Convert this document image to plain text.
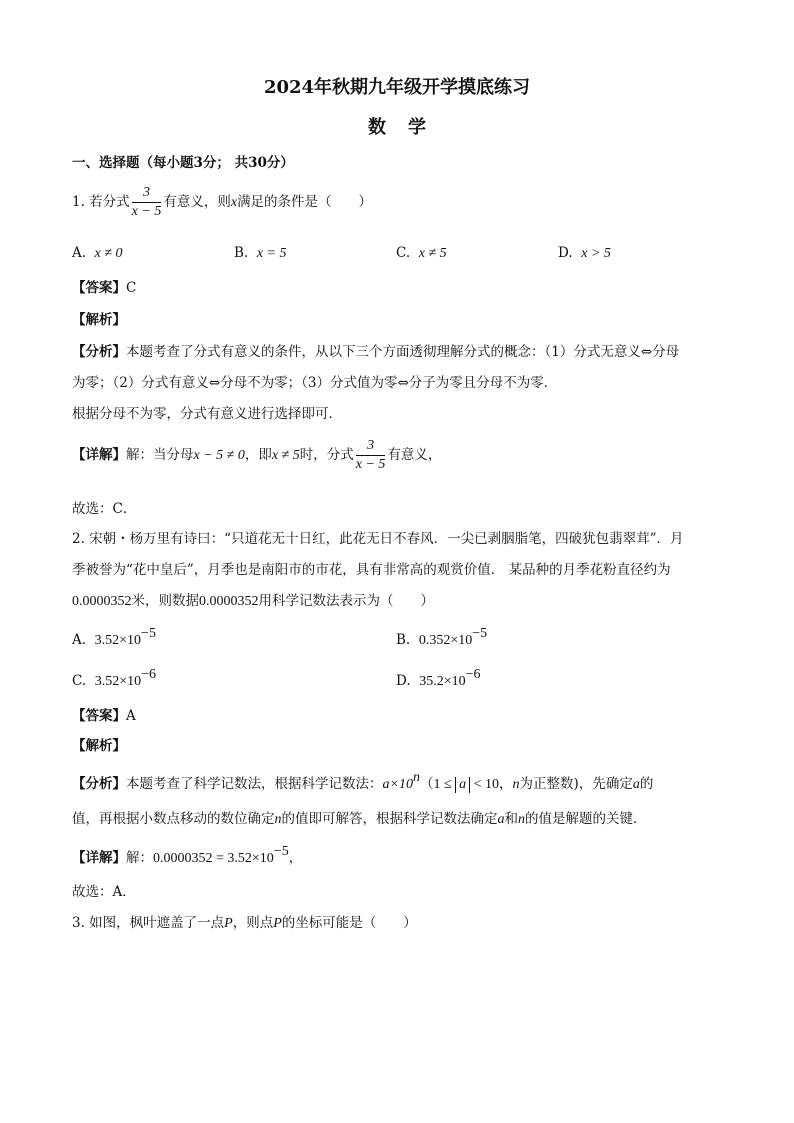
2024年秋期九年级开学摸底练习
数学
一、选择题（每小题3分； 共30分）
1. 若分式 $\frac{3}{x - 5}$ 有意义，则x满足的条件是（　　）
A. x ≠ 0	B. x = 5	C. x ≠ 5	D. x > 5
【答案】C
【解析】
【分析】本题考查了分式有意义的条件，从以下三个方面透彻理解分式的概念：（1）分式无意义⇔分母
为零；（2）分式有意义⇔分母不为零；（3）分式值为零⇔分子为零且分母不为零．
根据分母不为零，分式有意义进行选择即可．
【详解】解：当分母x − 5 ≠ 0，即x ≠ 5时，分式 $\frac{3}{x - 5}$ 有意义，
故选：C．
2. 宋朝・杨万里有诗曰：“只道花无十日红，此花无日不春风．一尖已剥胭脂笔，四破犹包翡翠茸”．月
季被誉为“花中皇后”，月季也是南阳市的市花，具有非常高的观赏价值． 某品种的月季花粉直径约为
0.0000352米，则数据0.0000352用科学记数法表示为（　　）
A. $3.52\times 10^{-5}$	B. $0.352\times 10^{-5}$
C. $3.52\times 10^{-6}$	D. $35.2\times 10^{-6}$
【答案】A
【解析】
【分析】本题考查了科学记数法，根据科学记数法：$a\times 10^n(1 \le a < 10$，n为正整数)，先确定a的
值，再根据小数点移动的数位确定n的值即可解答，根据科学记数法确定a和n的值是解题的关键．
【详解】解：$0.0000352 = 3.52\times 10^{-5}$，
故选：A．
3. 如图，枫叶遮盖了一点P，则点P的坐标可能是（　　）
